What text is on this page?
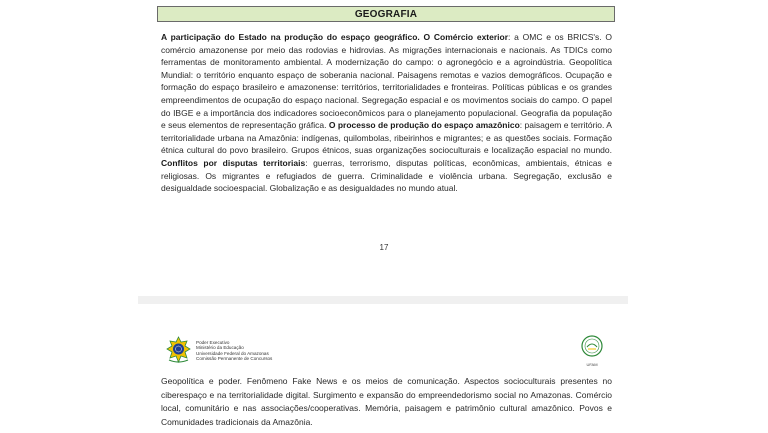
GEOGRAFIA
A participação do Estado na produção do espaço geográfico. O Comércio exterior: a OMC e os BRICS's. O comércio amazonense por meio das rodovias e hidrovias. As migrações internacionais e nacionais. As TDICs como ferramentas de monitoramento ambiental. A modernização do campo: o agronegócio e a agroindústria. Geopolítica Mundial: o território enquanto espaço de soberania nacional. Paisagens remotas e vazios demográficos. Ocupação e formação do espaço brasileiro e amazonense: territórios, territorialidades e fronteiras. Políticas públicas e os grandes empreendimentos de ocupação do espaço nacional. Segregação espacial e os movimentos sociais do campo. O papel do IBGE e a importância dos indicadores socioeconômicos para o planejamento populacional. Geografia da população e seus elementos de representação gráfica. O processo de produção do espaço amazônico: paisagem e território. A territorialidade urbana na Amazônia: indígenas, quilombolas, ribeirinhos e migrantes; e as questões sociais. Formação étnica cultural do povo brasileiro. Grupos étnicos, suas organizações socioculturais e localização espacial no mundo. Conflitos por disputas territoriais: guerras, terrorismo, disputas políticas, econômicas, ambientais, étnicas e religiosas. Os migrantes e refugiados de guerra. Criminalidade e violência urbana. Segregação, exclusão e desigualdade socioespacial. Globalização e as desigualdades no mundo atual.
17
Poder Executivo
Ministério da Educação
Universidade Federal do Amazonas
Comissão Permanente de Concursos
UFAM
Geopolítica e poder. Fenômeno Fake News e os meios de comunicação. Aspectos socioculturais presentes no ciberespaço e na territorialidade digital. Surgimento e expansão do empreendedorismo social no Amazonas. Comércio local, comunitário e nas associações/cooperativas. Memória, paisagem e patrimônio cultural amazônico. Povos e Comunidades tradicionais da Amazônia.
